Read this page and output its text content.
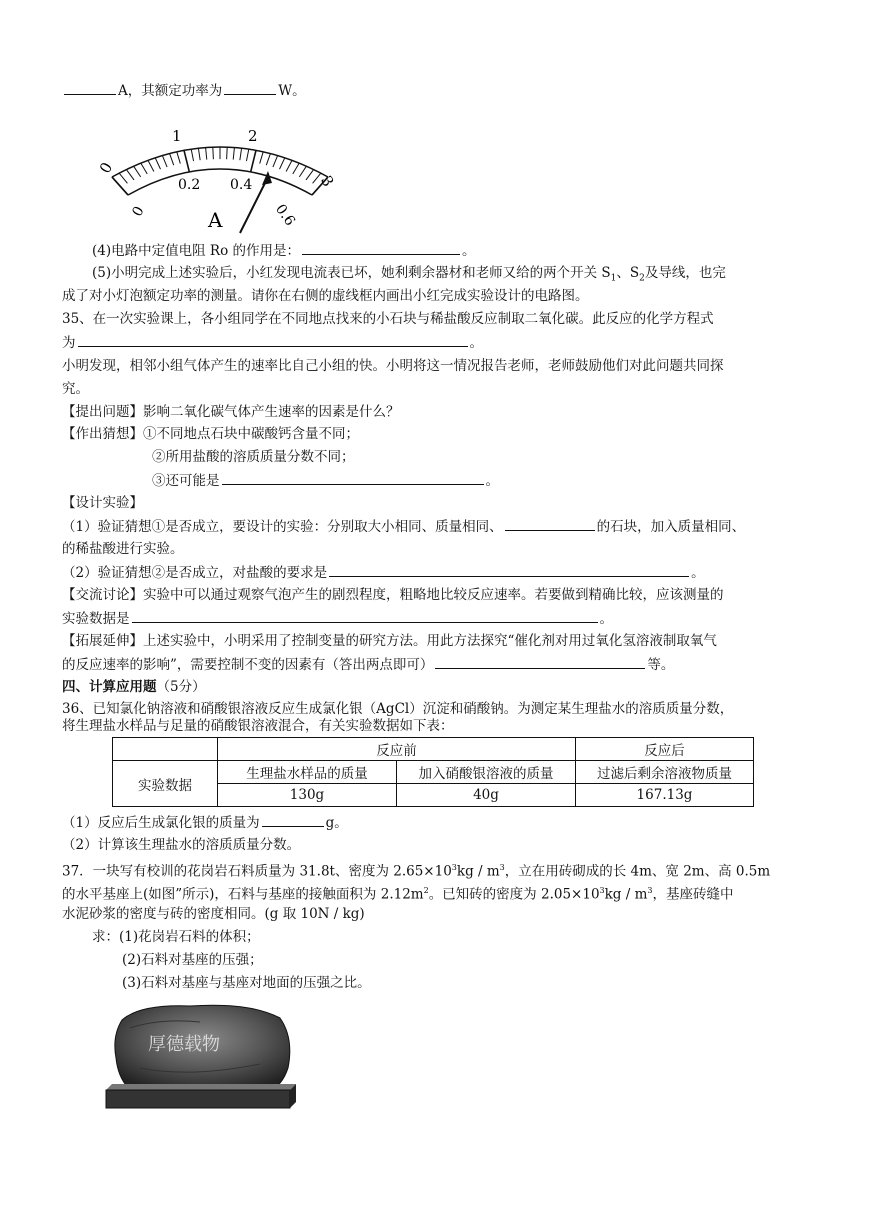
A，其额定功率为	W。
0
1	2
3
0
0.2 0.4
0.6
A
(4)电路中定值电阻 Ro 的作用是：	。
(5)小明完成上述实验后，小红发现电流表已坏，她利剩余器材和老师又给的两个开关 $S_1$、$S_2$及导线，也完
成了对小灯泡额定功率的测量。请你在右侧的虚线框内画出小红完成实验设计的电路图。
35、在一次实验课上，各小组同学在不同地点找来的小石块与稀盐酸反应制取二氧化碳。此反应的化学方程式
为	。
小明发现，相邻小组气体产生的速率比自己小组的快。小明将这一情况报告老师，老师鼓励他们对此问题共同探
究。
【提出问题】影响二氧化碳气体产生速率的因素是什么？
【作出猜想】①不同地点石块中碳酸钙含量不同；
②所用盐酸的溶质质量分数不同；
③还可能是	。
【设计实验】
（1）验证猜想①是否成立，要设计的实验：分别取大小相同、质量相同、	的石块，加入质量相同、
的稀盐酸进行实验。
（2）验证猜想②是否成立，对盐酸的要求是	。
【交流讨论】实验中可以通过观察气泡产生的剧烈程度，粗略地比较反应速率。若要做到精确比较，应该测量的
实验数据是	。
【拓展延伸】上述实验中，小明采用了控制变量的研究方法。用此方法探究“催化剂对用过氧化氢溶液制取氧气
的反应速率的影响”，需要控制不变的因素有（答出两点即可）	等。
四、计算应用题（5分）
36、已知氯化钠溶液和硝酸银溶液反应生成氯化银（AgCl）沉淀和硝酸钠。为测定某生理盐水的溶质质量分数，
将生理盐水样品与足量的硝酸银溶液混合，有关实验数据如下表：
	反应前		反应后
实验数据	生理盐水样品的质量	加入硝酸银溶液的质量	过滤后剩余溶液物质量
	130g	40g	167.13g
（1）反应后生成氯化银的质量为	g。
（2）计算该生理盐水的溶质质量分数。
37．一块写有校训的花岗岩石料质量为 31.8t、密度为 $2.65\times 10^3kg / m^3$，立在用砖砌成的长 4m、宽 2m、高 0.5m
的水平基座上(如图”所示)，石料与基座的接触面积为 $2.12m^2$。已知砖的密度为 $2.05\times 10^3kg / m^3$，基座砖缝中
水泥砂浆的密度与砖的密度相同。(g 取 10N / kg)
求：(1)花岗岩石料的体积；
(2)石料对基座的压强；
(3)石料对基座与基座对地面的压强之比。
厚德载物
